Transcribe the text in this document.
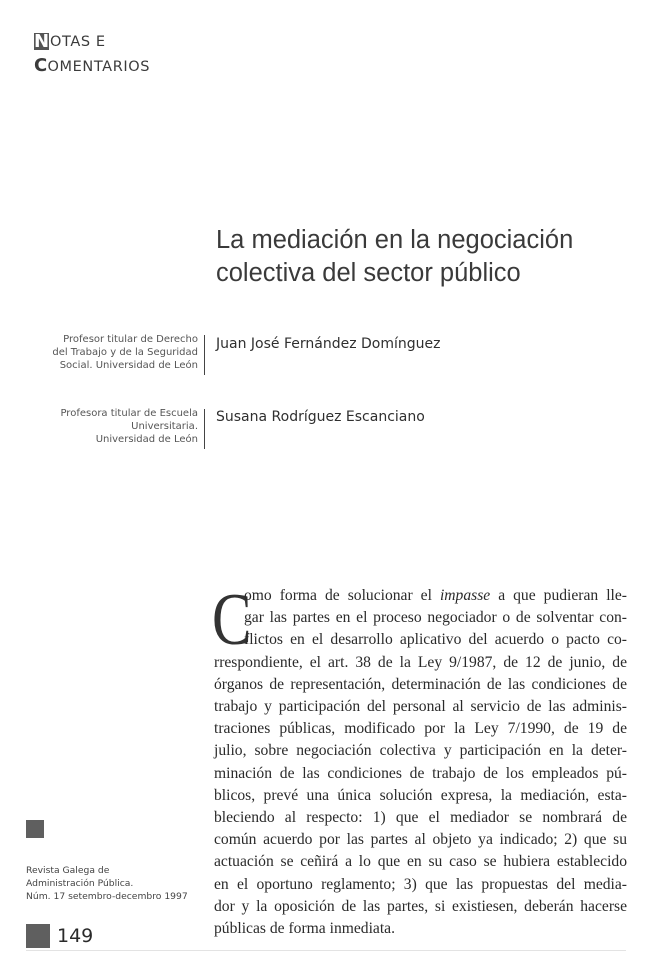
NOTAS E
COMENTARIOS
La mediación en la negociación
colectiva del sector público
Profesor titular de Derecho
del Trabajo y de la Seguridad
Social. Universidad de León
Juan José Fernández Domínguez
Profesora titular de Escuela
Universitaria.
Universidad de León
Susana Rodríguez Escanciano
C
omo forma de solucionar el impasse a que pudieran lle-
gar las partes en el proceso negociador o de solventar con-
flictos en el desarrollo aplicativo del acuerdo o pacto co-
rrespondiente, el art. 38 de la Ley 9/1987, de 12 de junio, de
órganos de representación, determinación de las condiciones de
trabajo y participación del personal al servicio de las adminis-
traciones públicas, modificado por la Ley 7/1990, de 19 de
julio, sobre negociación colectiva y participación en la deter-
minación de las condiciones de trabajo de los empleados pú-
blicos, prevé una única solución expresa, la mediación, esta-
bleciendo al respecto: 1) que el mediador se nombrará de
común acuerdo por las partes al objeto ya indicado; 2) que su
actuación se ceñirá a lo que en su caso se hubiera establecido
en el oportuno reglamento; 3) que las propuestas del media-
dor y la oposición de las partes, si existiesen, deberán hacerse
públicas de forma inmediata.
Revista Galega de
Administración Pública.
Núm. 17 setembro-decembro 1997
149
